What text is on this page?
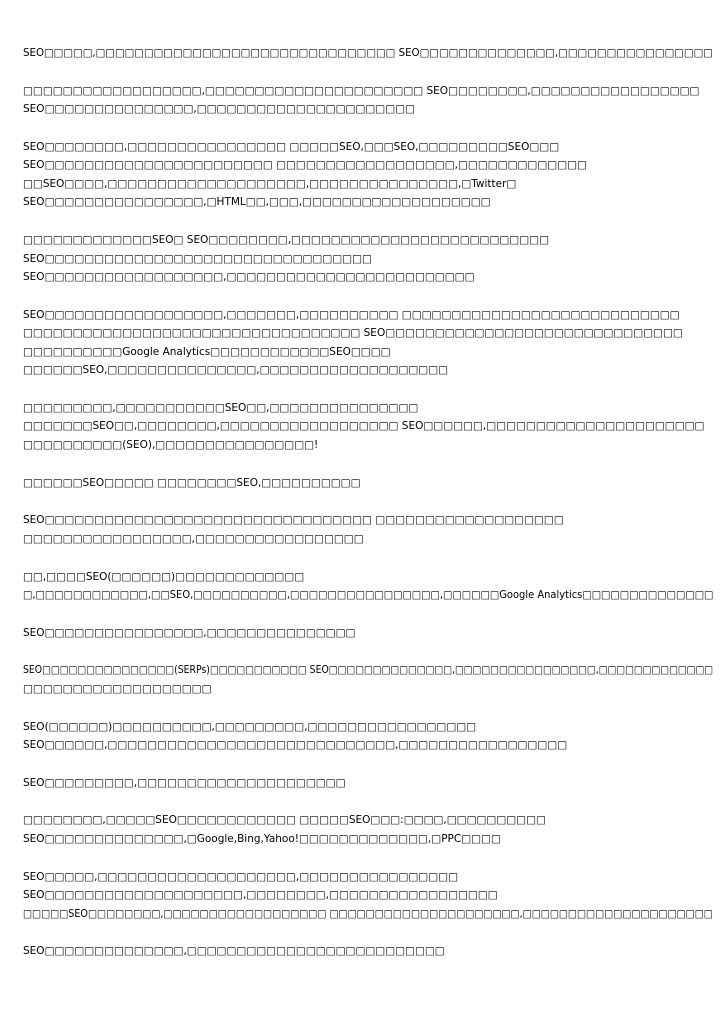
SEO□□□□□,□□□□□□□□□□□□□□□□□□□□□□□□□□□□□□□ SEO□□□□□□□□□□□□□□,□□□□□□□□□□□□□□□□

□□□□□□□□□□□□□□□□□□,□□□□□□□□□□□□□□□□□□□□□□ SEO□□□□□□□□,□□□□□□□□□□□□□□□□□
SEO□□□□□□□□□□□□□□□,□□□□□□□□□□□□□□□□□□□□□□

SEO□□□□□□□□,□□□□□□□□□□□□□□□□ □□□□□SEO,□□□SEO,□□□□□□□□□SEO□□□
SEO□□□□□□□□□□□□□□□□□□□□□□□ □□□□□□□□□□□□□□□□□□,□□□□□□□□□□□□□
□□SEO□□□□,□□□□□□□□□□□□□□□□□□□□,□□□□□□□□□□□□□□□,□Twitter□
SEO□□□□□□□□□□□□□□□□,□HTML□□,□□□,□□□□□□□□□□□□□□□□□□□

□□□□□□□□□□□□□SEO□ SEO□□□□□□□□,□□□□□□□□□□□□□□□□□□□□□□□□□□
SEO□□□□□□□□□□□□□□□□□□□□□□□□□□□□□□□□□
SEO□□□□□□□□□□□□□□□□□□,□□□□□□□□□□□□□□□□□□□□□□□□□

SEO□□□□□□□□□□□□□□□□□□,□□□□□□□,□□□□□□□□□□ □□□□□□□□□□□□□□□□□□□□□□□□□□□□
□□□□□□□□□□□□□□□□□□□□□□□□□□□□□□□□□□ SEO□□□□□□□□□□□□□□□□□□□□□□□□□□□□□□
□□□□□□□□□□Google Analytics□□□□□□□□□□□□SEO□□□□
□□□□□□SEO,□□□□□□□□□□□□□□□,□□□□□□□□□□□□□□□□□□□

□□□□□□□□□,□□□□□□□□□□□SEO□□,□□□□□□□□□□□□□□□
□□□□□□□SEO□□,□□□□□□□□,□□□□□□□□□□□□□□□□□□ SEO□□□□□□,□□□□□□□□□□□□□□□□□□□□□□
□□□□□□□□□□(SEO),□□□□□□□□□□□□□□□□!

□□□□□□SEO□□□□□ □□□□□□□□SEO,□□□□□□□□□□

SEO□□□□□□□□□□□□□□□□□□□□□□□□□□□□□□□□□ □□□□□□□□□□□□□□□□□□□
□□□□□□□□□□□□□□□□□,□□□□□□□□□□□□□□□□□

□□,□□□□SEO(□□□□□□)□□□□□□□□□□□□□
□,□□□□□□□□□□□□,□□SEO,□□□□□□□□□□,□□□□□□□□□□□□□□□□,□□□□□□Google Analytics□□□□□□□□□□□□□□

SEO□□□□□□□□□□□□□□□□,□□□□□□□□□□□□□□□

SEO□□□□□□□□□□□□□□□(SERPs)□□□□□□□□□□□ SEO□□□□□□□□□□□□□□,□□□□□□□□□□□□□□□□,□□□□□□□□□□□□□
□□□□□□□□□□□□□□□□□□□

SEO(□□□□□□)□□□□□□□□□□,□□□□□□□□□,□□□□□□□□□□□□□□□□□
SEO□□□□□□,□□□□□□□□□□□□□□□□□□□□□□□□□□□□□,□□□□□□□□□□□□□□□□□

SEO□□□□□□□□□,□□□□□□□□□□□□□□□□□□□□□

□□□□□□□□,□□□□□SEO□□□□□□□□□□□□ □□□□□SEO□□□:□□□□,□□□□□□□□□□
SEO□□□□□□□□□□□□□□,□Google,Bing,Yahoo!□□□□□□□□□□□□□,□PPC□□□□

SEO□□□□□,□□□□□□□□□□□□□□□□□□□□,□□□□□□□□□□□□□□□□
SEO□□□□□□□□□□□□□□□□□□□□,□□□□□□□□,□□□□□□□□□□□□□□□□□
□□□□□SEO□□□□□□□□,□□□□□□□□□□□□□□□□□□ □□□□□□□□□□□□□□□□□□□□□,□□□□□□□□□□□□□□□□□□□□□

SEO□□□□□□□□□□□□□□,□□□□□□□□□□□□□□□□□□□□□□□□□□
